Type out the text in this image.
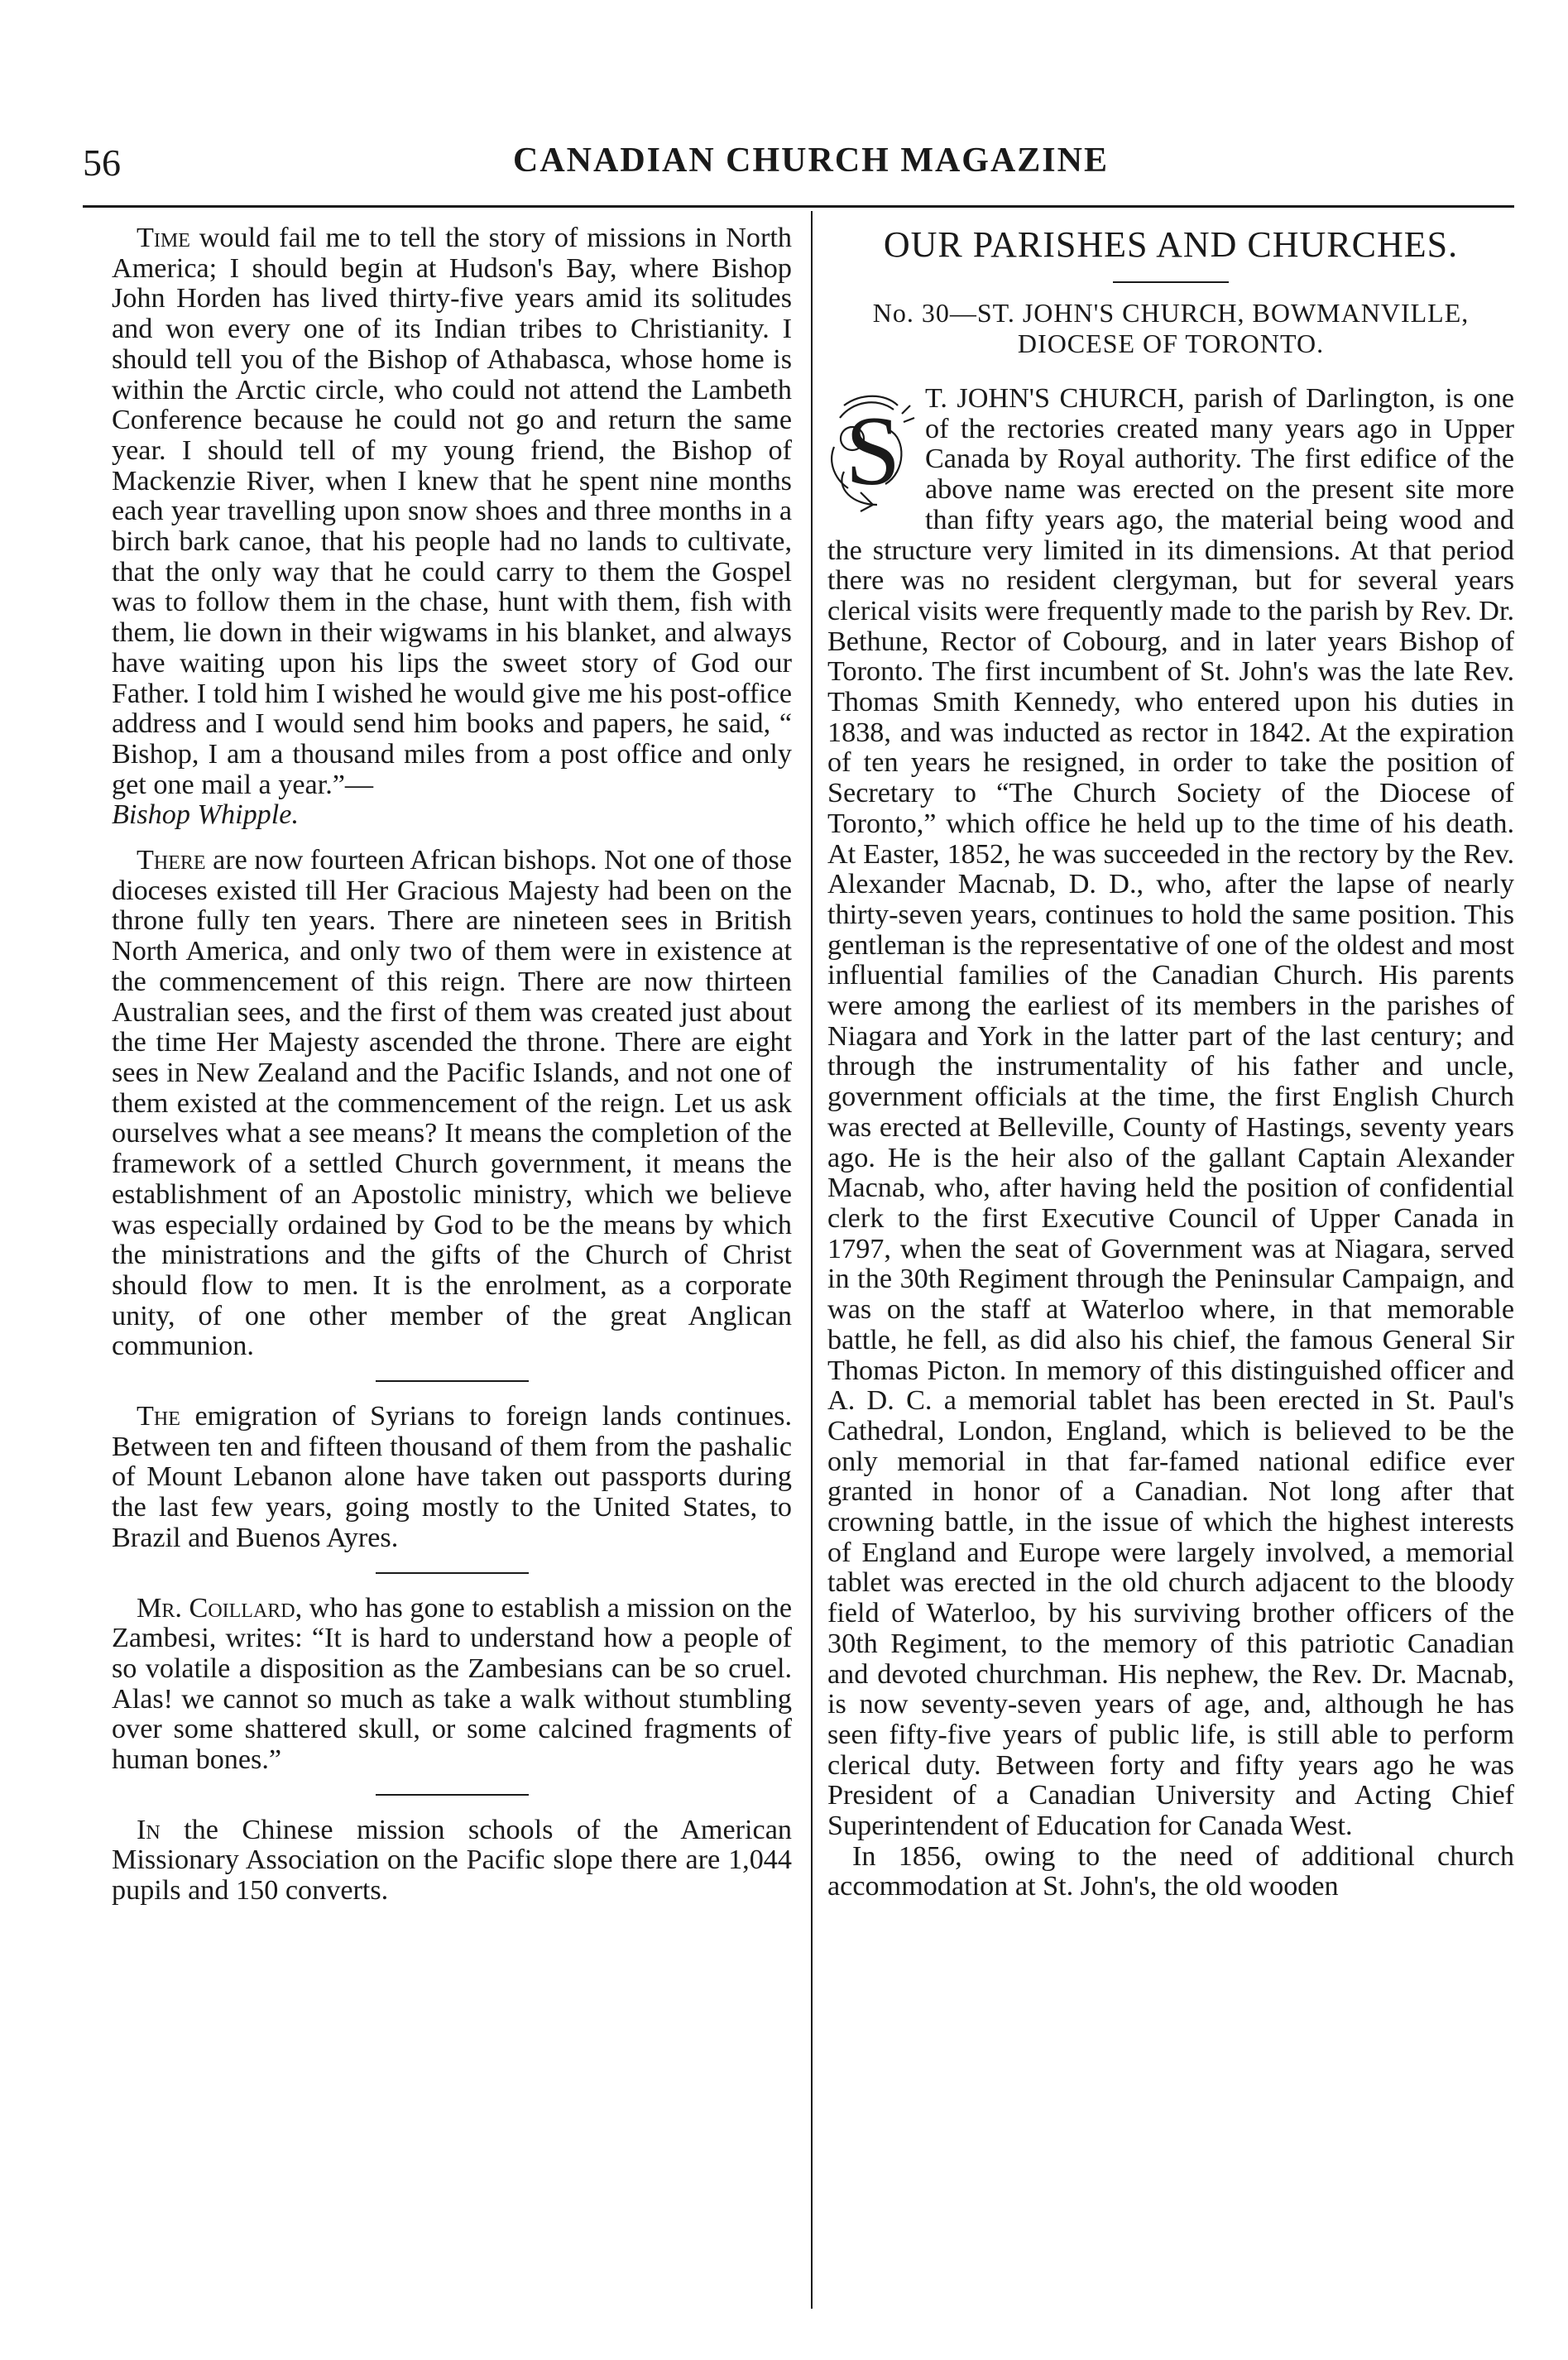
56	CANADIAN CHURCH MAGAZINE

Time would fail me to tell the story of missions in North America; I should begin at Hudson's Bay, where Bishop John Horden has lived thirty-five years amid its solitudes and won every one of its Indian tribes to Christianity. I should tell you of the Bishop of Athabasca, whose home is within the Arctic circle, who could not attend the Lambeth Conference because he could not go and return the same year. I should tell of my young friend, the Bishop of Mackenzie River, when I knew that he spent nine months each year travelling upon snow shoes and three months in a birch bark canoe, that his people had no lands to cultivate, that the only way that he could carry to them the Gospel was to follow them in the chase, hunt with them, fish with them, lie down in their wigwams in his blanket, and always have waiting upon his lips the sweet story of God our Father. I told him I wished he would give me his post-office address and I would send him books and papers, he said, “ Bishop, I am a thousand miles from a post office and only get one mail a year.”—
Bishop Whipple.

There are now fourteen African bishops. Not one of those dioceses existed till Her Gracious Majesty had been on the throne fully ten years. There are nineteen sees in British North America, and only two of them were in existence at the commencement of this reign. There are now thirteen Australian sees, and the first of them was created just about the time Her Majesty ascended the throne. There are eight sees in New Zealand and the Pacific Islands, and not one of them existed at the commencement of the reign. Let us ask ourselves what a see means? It means the completion of the framework of a settled Church government, it means the establishment of an Apostolic ministry, which we believe was especially ordained by God to be the means by which the ministrations and the gifts of the Church of Christ should flow to men. It is the enrolment, as a corporate unity, of one other member of the great Anglican communion.

The emigration of Syrians to foreign lands continues. Between ten and fifteen thousand of them from the pashalic of Mount Lebanon alone have taken out passports during the last few years, going mostly to the United States, to Brazil and Buenos Ayres.

Mr. Coillard, who has gone to establish a mission on the Zambesi, writes: “It is hard to understand how a people of so volatile a disposition as the Zambesians can be so cruel. Alas! we cannot so much as take a walk without stumbling over some shattered skull, or some calcined fragments of human bones.”

In the Chinese mission schools of the American Missionary Association on the Pacific slope there are 1,044 pupils and 150 converts.

OUR PARISHES AND CHURCHES.

No. 30—ST. JOHN'S CHURCH, BOWMANVILLE,
DIOCESE OF TORONTO.

S T. JOHN'S CHURCH, parish of Darlington, is one of the rectories created many years ago in Upper Canada by Royal authority. The first edifice of the above name was erected on the present site more than fifty years ago, the material being wood and the structure very limited in its dimensions. At that period there was no resident clergyman, but for several years clerical visits were frequently made to the parish by Rev. Dr. Bethune, Rector of Cobourg, and in later years Bishop of Toronto. The first incumbent of St. John's was the late Rev. Thomas Smith Kennedy, who entered upon his duties in 1838, and was inducted as rector in 1842. At the expiration of ten years he resigned, in order to take the position of Secretary to “The Church Society of the Diocese of Toronto,” which office he held up to the time of his death. At Easter, 1852, he was succeeded in the rectory by the Rev. Alexander Macnab, D. D., who, after the lapse of nearly thirty-seven years, continues to hold the same position. This gentleman is the representative of one of the oldest and most influential families of the Canadian Church. His parents were among the earliest of its members in the parishes of Niagara and York in the latter part of the last century; and through the instrumentality of his father and uncle, government officials at the time, the first English Church was erected at Belleville, County of Hastings, seventy years ago. He is the heir also of the gallant Captain Alexander Macnab, who, after having held the position of confidential clerk to the first Executive Council of Upper Canada in 1797, when the seat of Government was at Niagara, served in the 30th Regiment through the Peninsular Campaign, and was on the staff at Waterloo where, in that memorable battle, he fell, as did also his chief, the famous General Sir Thomas Picton. In memory of this distinguished officer and A. D. C. a memorial tablet has been erected in St. Paul's Cathedral, London, England, which is believed to be the only memorial in that far-famed national edifice ever granted in honor of a Canadian. Not long after that crowning battle, in the issue of which the highest interests of England and Europe were largely involved, a memorial tablet was erected in the old church adjacent to the bloody field of Waterloo, by his surviving brother officers of the 30th Regiment, to the memory of this patriotic Canadian and devoted churchman. His nephew, the Rev. Dr. Macnab, is now seventy-seven years of age, and, although he has seen fifty-five years of public life, is still able to perform clerical duty. Between forty and fifty years ago he was President of a Canadian University and Acting Chief Superintendent of Education for Canada West.

In 1856, owing to the need of additional church accommodation at St. John's, the old wooden
